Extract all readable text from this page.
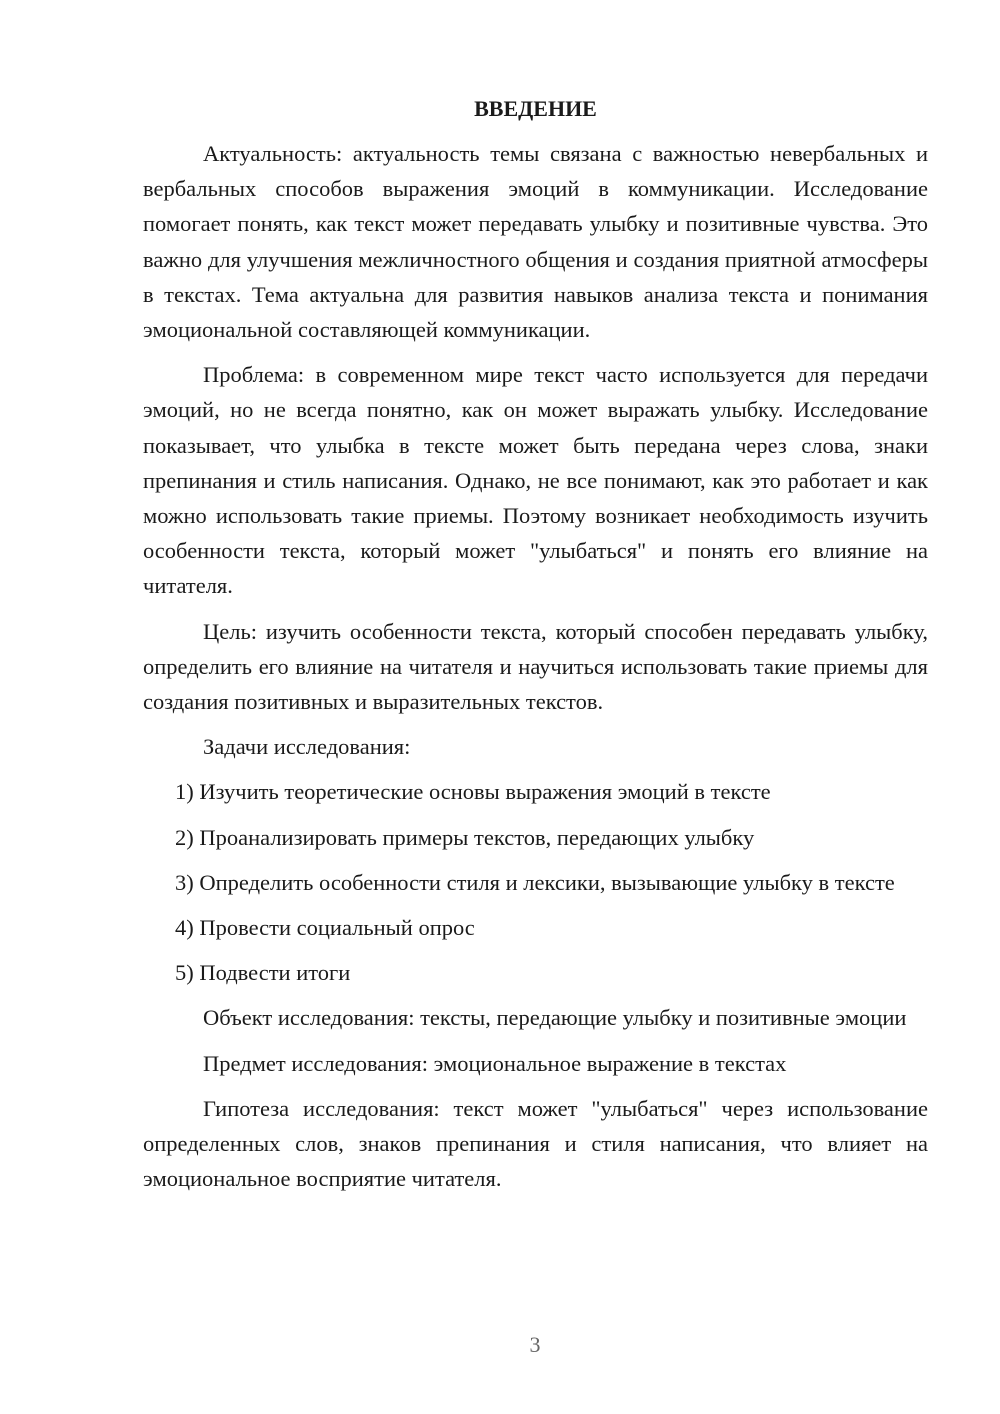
ВВЕДЕНИЕ
Актуальность: актуальность темы связана с важностью невербальных и вербальных способов выражения эмоций в коммуникации. Исследование помогает понять, как текст может передавать улыбку и позитивные чувства. Это важно для улучшения межличностного общения и создания приятной атмосферы в текстах. Тема актуальна для развития навыков анализа текста и понимания эмоциональной составляющей коммуникации.
Проблема: в современном мире текст часто используется для передачи эмоций, но не всегда понятно, как он может выражать улыбку. Исследование показывает, что улыбка в тексте может быть передана через слова, знаки препинания и стиль написания. Однако, не все понимают, как это работает и как можно использовать такие приемы. Поэтому возникает необходимость изучить особенности текста, который может "улыбаться" и понять его влияние на читателя.
Цель: изучить особенности текста, который способен передавать улыбку, определить его влияние на читателя и научиться использовать такие приемы для создания позитивных и выразительных текстов.
Задачи исследования:
1) Изучить теоретические основы выражения эмоций в тексте
2) Проанализировать примеры текстов, передающих улыбку
3) Определить особенности стиля и лексики, вызывающие улыбку в тексте
4) Провести социальный опрос
5) Подвести итоги
Объект исследования: тексты, передающие улыбку и позитивные эмоции
Предмет исследования: эмоциональное выражение в текстах
Гипотеза исследования: текст может "улыбаться" через использование определенных слов, знаков препинания и стиля написания, что влияет на эмоциональное восприятие читателя.
3
